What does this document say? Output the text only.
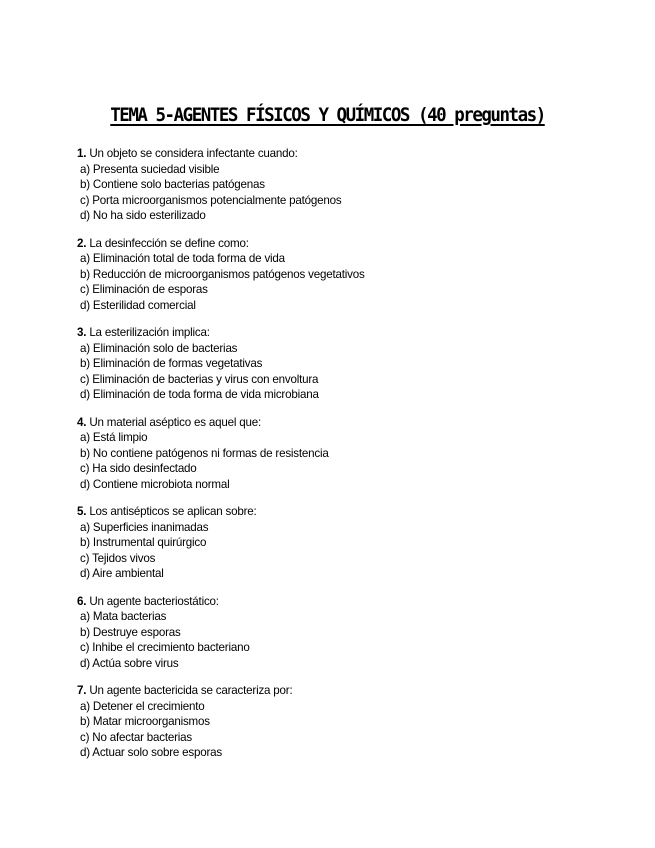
TEMA 5-AGENTES FÍSICOS Y QUÍMICOS (40 preguntas)
1. Un objeto se considera infectante cuando:
a) Presenta suciedad visible
b) Contiene solo bacterias patógenas
c) Porta microorganismos potencialmente patógenos
d) No ha sido esterilizado
2. La desinfección se define como:
a) Eliminación total de toda forma de vida
b) Reducción de microorganismos patógenos vegetativos
c) Eliminación de esporas
d) Esterilidad comercial
3. La esterilización implica:
a) Eliminación solo de bacterias
b) Eliminación de formas vegetativas
c) Eliminación de bacterias y virus con envoltura
d) Eliminación de toda forma de vida microbiana
4. Un material aséptico es aquel que:
a) Está limpio
b) No contiene patógenos ni formas de resistencia
c) Ha sido desinfectado
d) Contiene microbiota normal
5. Los antisépticos se aplican sobre:
a) Superficies inanimadas
b) Instrumental quirúrgico
c) Tejidos vivos
d) Aire ambiental
6. Un agente bacteriostático:
a) Mata bacterias
b) Destruye esporas
c) Inhibe el crecimiento bacteriano
d) Actúa sobre virus
7. Un agente bactericida se caracteriza por:
a) Detener el crecimiento
b) Matar microorganismos
c) No afectar bacterias
d) Actuar solo sobre esporas
